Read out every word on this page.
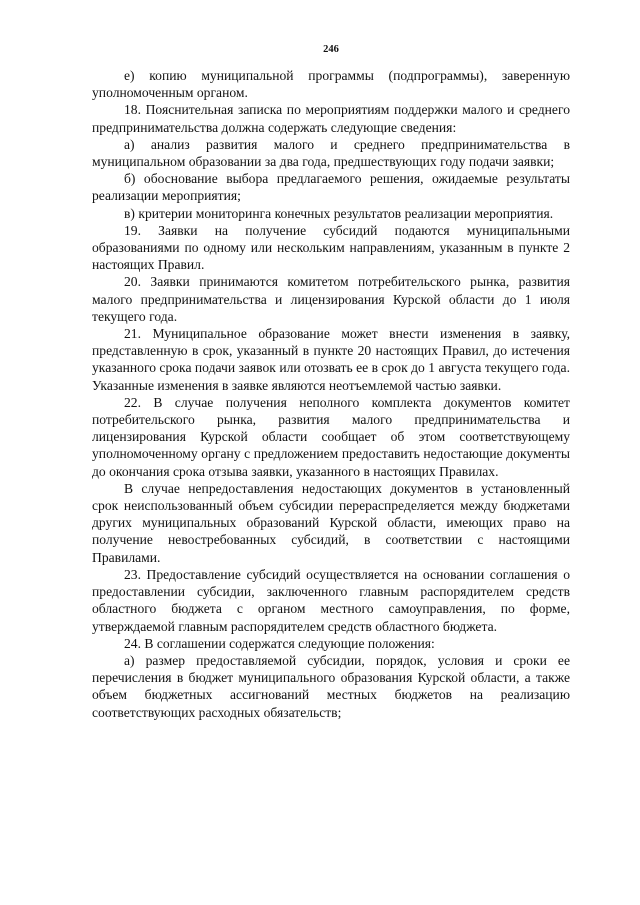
246

е) копию муниципальной программы (подпрограммы), заверенную уполномоченным органом.

18. Пояснительная записка по мероприятиям поддержки малого и среднего предпринимательства должна содержать следующие сведения:

а) анализ развития малого и среднего предпринимательства в муниципальном образовании за два года, предшествующих году подачи заявки;

б) обоснование выбора предлагаемого решения, ожидаемые результаты реализации мероприятия;

в) критерии мониторинга конечных результатов реализации мероприятия.

19. Заявки на получение субсидий подаются муниципальными образованиями по одному или нескольким направлениям, указанным в пункте 2 настоящих Правил.

20. Заявки принимаются комитетом потребительского рынка, развития малого предпринимательства и лицензирования Курской области до 1 июля текущего года.

21. Муниципальное образование может внести изменения в заявку, представленную в срок, указанный в пункте 20 настоящих Правил, до истечения указанного срока подачи заявок или отозвать ее в срок до 1 августа текущего года. Указанные изменения в заявке являются неотъемлемой частью заявки.

22. В случае получения неполного комплекта документов комитет потребительского рынка, развития малого предпринимательства и лицензирования Курской области сообщает об этом соответствующему уполномоченному органу с предложением предоставить недостающие документы до окончания срока отзыва заявки, указанного в настоящих Правилах.

В случае непредоставления недостающих документов в установленный срок неиспользованный объем субсидии перераспределяется между бюджетами других муниципальных образований Курской области, имеющих право на получение невостребованных субсидий, в соответствии с настоящими Правилами.

23. Предоставление субсидий осуществляется на основании соглашения о предоставлении субсидии, заключенного главным распорядителем средств областного бюджета с органом местного самоуправления, по форме, утверждаемой главным распорядителем средств областного бюджета.

24. В соглашении содержатся следующие положения:

а) размер предоставляемой субсидии, порядок, условия и сроки ее перечисления в бюджет муниципального образования Курской области, а также объем бюджетных ассигнований местных бюджетов на реализацию соответствующих расходных обязательств;
